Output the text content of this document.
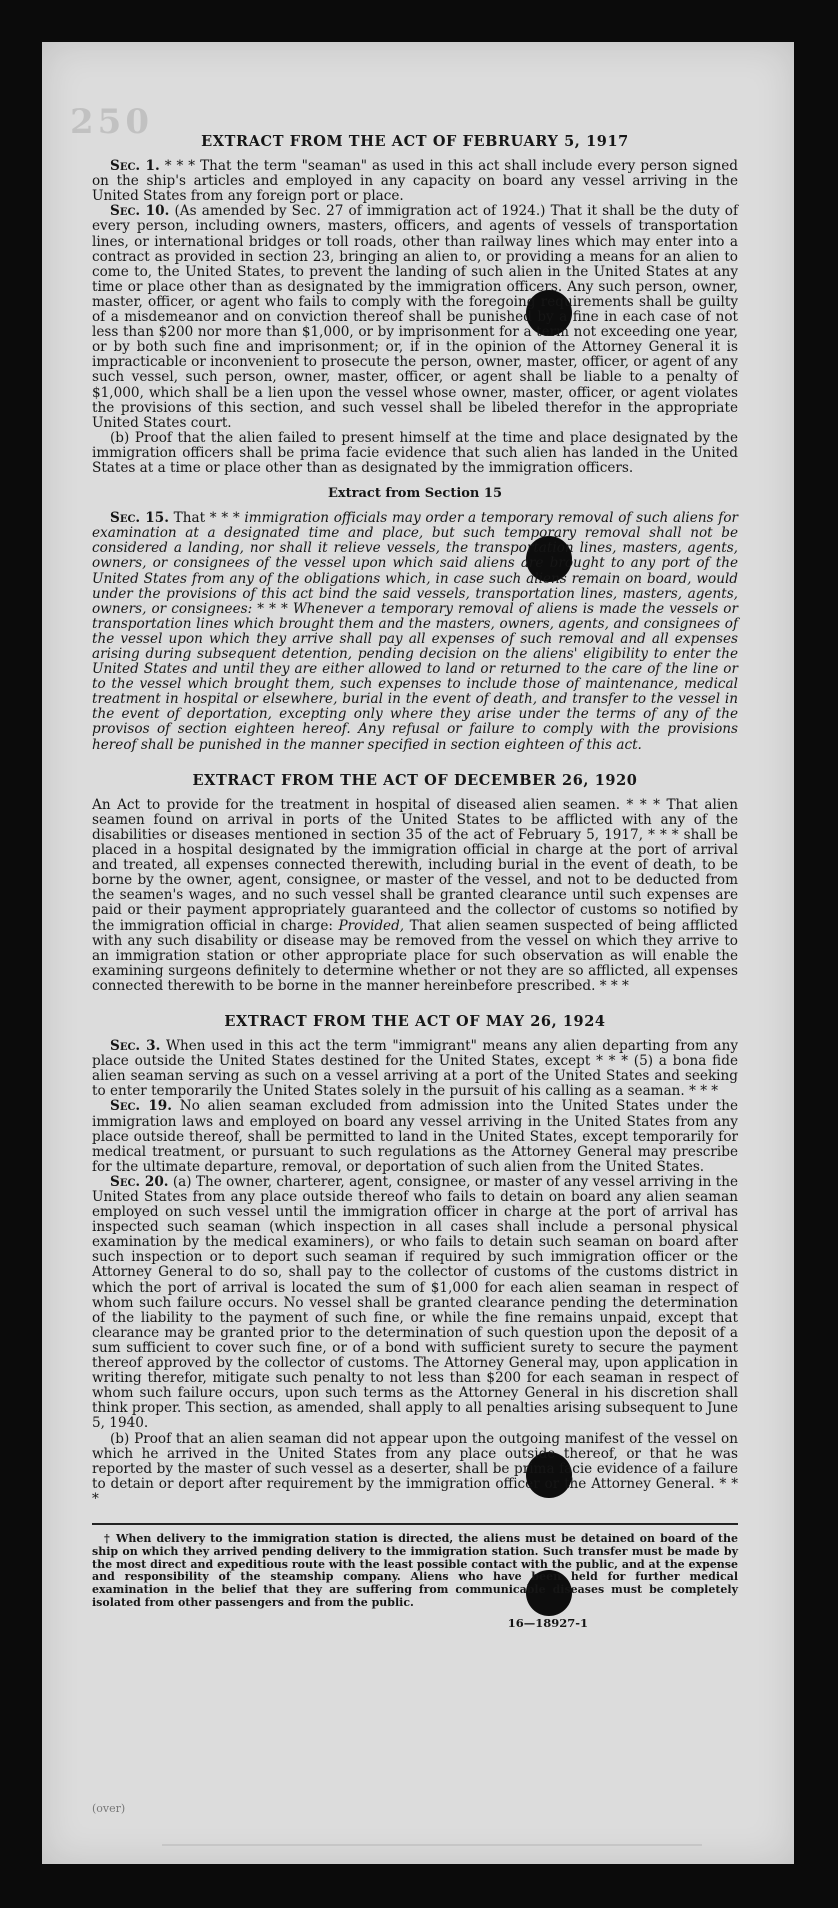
250	EXTRACT FROM THE ACT OF FEBRUARY 5, 1917

Sec. 1. * * * That the term "seaman" as used in this act shall include every person signed on the ship's articles and employed in any capacity on board any vessel arriving in the United States from any foreign port or place.

Sec. 10. (As amended by Sec. 27 of immigration act of 1924.) That it shall be the duty of every person, including owners, masters, officers, and agents of vessels of transportation lines, or international bridges or toll roads, other than railway lines which may enter into a contract as provided in section 23, bringing an alien to, or providing a means for an alien to come to, the United States, to prevent the landing of such alien in the United States at any time or place other than as designated by the immigration officers. Any such person, owner, master, officer, or agent who fails to comply with the foregoing requirements shall be guilty of a misdemeanor and on conviction thereof shall be punished by a fine in each case of not less than $200 nor more than $1,000, or by imprisonment for a term not exceeding one year, or by both such fine and imprisonment; or, if in the opinion of the Attorney General it is impracticable or inconvenient to prosecute the person, owner, master, officer, or agent of any such vessel, such person, owner, master, officer, or agent shall be liable to a penalty of $1,000, which shall be a lien upon the vessel whose owner, master, officer, or agent violates the provisions of this section, and such vessel shall be libeled therefor in the appropriate United States court.

(b) Proof that the alien failed to present himself at the time and place designated by the immigration officers shall be prima facie evidence that such alien has landed in the United States at a time or place other than as designated by the immigration officers.

Extract from Section 15

Sec. 15. That * * * immigration officials may order a temporary removal of such aliens for examination at a designated time and place, but such temporary removal shall not be considered a landing, nor shall it relieve vessels, the transportation lines, masters, agents, owners, or consignees of the vessel upon which said aliens are brought to any port of the United States from any of the obligations which, in case such aliens remain on board, would under the provisions of this act bind the said vessels, transportation lines, masters, agents, owners, or consignees: * * * Whenever a temporary removal of aliens is made the vessels or transportation lines which brought them and the masters, owners, agents, and consignees of the vessel upon which they arrive shall pay all expenses of such removal and all expenses arising during subsequent detention, pending decision on the aliens' eligibility to enter the United States and until they are either allowed to land or returned to the care of the line or to the vessel which brought them, such expenses to include those of maintenance, medical treatment in hospital or elsewhere, burial in the event of death, and transfer to the vessel in the event of deportation, excepting only where they arise under the terms of any of the provisos of section eighteen hereof. Any refusal or failure to comply with the provisions hereof shall be punished in the manner specified in section eighteen of this act.

EXTRACT FROM THE ACT OF DECEMBER 26, 1920

An Act to provide for the treatment in hospital of diseased alien seamen. * * * That alien seamen found on arrival in ports of the United States to be afflicted with any of the disabilities or diseases mentioned in section 35 of the act of February 5, 1917, * * * shall be placed in a hospital designated by the immigration official in charge at the port of arrival and treated, all expenses connected therewith, including burial in the event of death, to be borne by the owner, agent, consignee, or master of the vessel, and not to be deducted from the seamen's wages, and no such vessel shall be granted clearance until such expenses are paid or their payment appropriately guaranteed and the collector of customs so notified by the immigration official in charge: Provided, That alien seamen suspected of being afflicted with any such disability or disease may be removed from the vessel on which they arrive to an immigration station or other appropriate place for such observation as will enable the examining surgeons definitely to determine whether or not they are so afflicted, all expenses connected therewith to be borne in the manner hereinbefore prescribed. * * *

EXTRACT FROM THE ACT OF MAY 26, 1924

Sec. 3. When used in this act the term "immigrant" means any alien departing from any place outside the United States destined for the United States, except * * * (5) a bona fide alien seaman serving as such on a vessel arriving at a port of the United States and seeking to enter temporarily the United States solely in the pursuit of his calling as a seaman. * * *

Sec. 19. No alien seaman excluded from admission into the United States under the immigration laws and employed on board any vessel arriving in the United States from any place outside thereof, shall be permitted to land in the United States, except temporarily for medical treatment, or pursuant to such regulations as the Attorney General may prescribe for the ultimate departure, removal, or deportation of such alien from the United States.

Sec. 20. (a) The owner, charterer, agent, consignee, or master of any vessel arriving in the United States from any place outside thereof who fails to detain on board any alien seaman employed on such vessel until the immigration officer in charge at the port of arrival has inspected such seaman (which inspection in all cases shall include a personal physical examination by the medical examiners), or who fails to detain such seaman on board after such inspection or to deport such seaman if required by such immigration officer or the Attorney General to do so, shall pay to the collector of customs of the customs district in which the port of arrival is located the sum of $1,000 for each alien seaman in respect of whom such failure occurs. No vessel shall be granted clearance pending the determination of the liability to the payment of such fine, or while the fine remains unpaid, except that clearance may be granted prior to the determination of such question upon the deposit of a sum sufficient to cover such fine, or of a bond with sufficient surety to secure the payment thereof approved by the collector of customs. The Attorney General may, upon application in writing therefor, mitigate such penalty to not less than $200 for each seaman in respect of whom such failure occurs, upon such terms as the Attorney General in his discretion shall think proper. This section, as amended, shall apply to all penalties arising subsequent to June 5, 1940.

(b) Proof that an alien seaman did not appear upon the outgoing manifest of the vessel on which he arrived in the United States from any place outside thereof, or that he was reported by the master of such vessel as a deserter, shall be prima facie evidence of a failure to detain or deport after requirement by the immigration officer or the Attorney General. * * *

† When delivery to the immigration station is directed, the aliens must be detained on board of the ship on which they arrived pending delivery to the immigration station. Such transfer must be made by the most direct and expeditious route with the least possible contact with the public, and at the expense and responsibility of the steamship company. Aliens who have been held for further medical examination in the belief that they are suffering from communicable diseases must be completely isolated from other passengers and from the public.

16—18927-1
(over)
